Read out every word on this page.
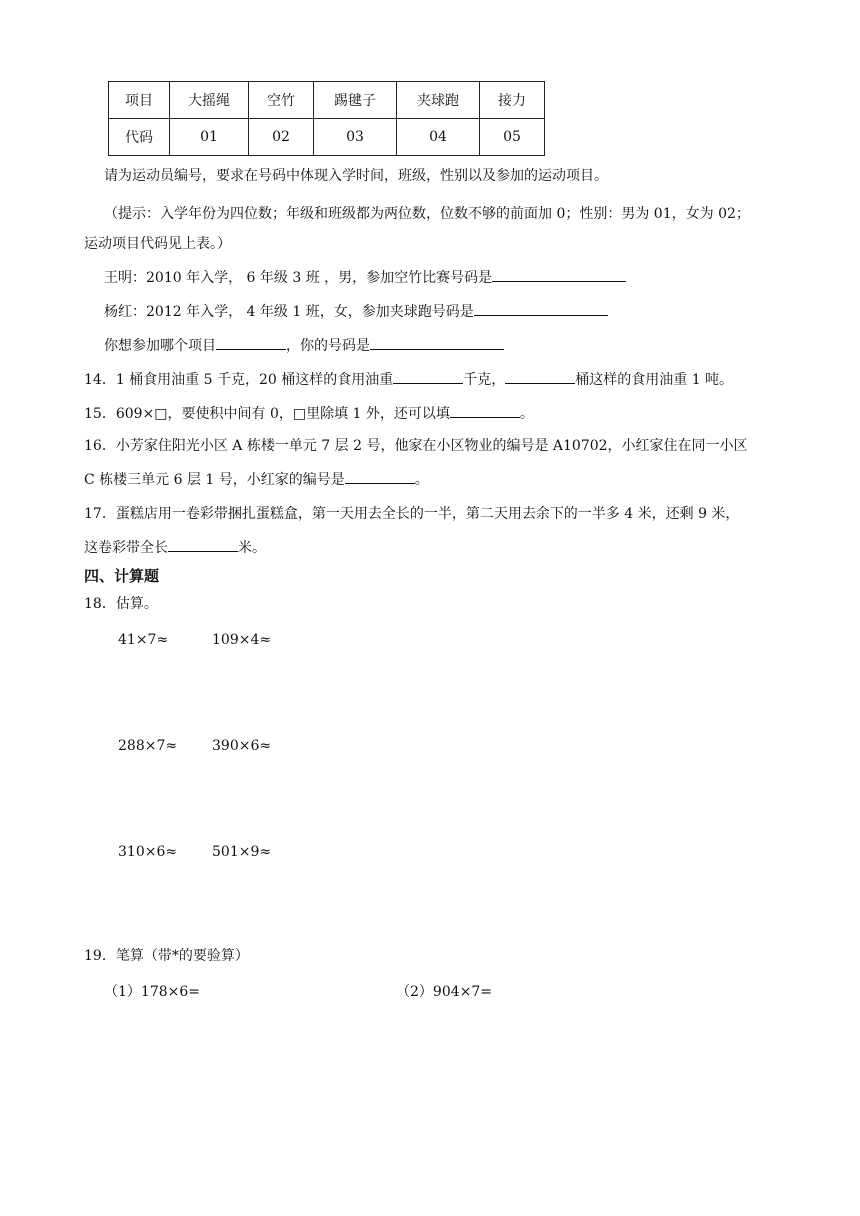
项目	大摇绳	空竹	踢毽子	夹球跑	接力
代码	01	02	03	04	05
请为运动员编号，要求在号码中体现入学时间，班级，性别以及参加的运动项目。
（提示：入学年份为四位数；年级和班级都为两位数，位数不够的前面加 0；性别：男为 01，女为 02；
运动项目代码见上表。）
王明：2010 年入学， 6 年级 3 班 ，男，参加空竹比赛号码是
杨红：2012 年入学， 4 年级 1 班，女，参加夹球跑号码是
你想参加哪个项目	，你的号码是
14．1 桶食用油重 5 千克，20 桶这样的食用油重	千克，	桶这样的食用油重 1 吨。
15．609×□，要使积中间有 0，□里除填 1 外，还可以填	。
16．小芳家住阳光小区 A 栋楼一单元 7 层 2 号，他家在小区物业的编号是 A10702，小红家住在同一小区
C 栋楼三单元 6 层 1 号，小红家的编号是	。
17．蛋糕店用一卷彩带捆扎蛋糕盒，第一天用去全长的一半，第二天用去余下的一半多 4 米，还剩 9 米，
这卷彩带全长	米。
四、计算题
18．估算。
41×7≈	109×4≈
288×7≈ 390×6≈
310×6≈ 501×9≈
19．笔算（带*的要验算）
（1）178×6=	（2）904×7=
